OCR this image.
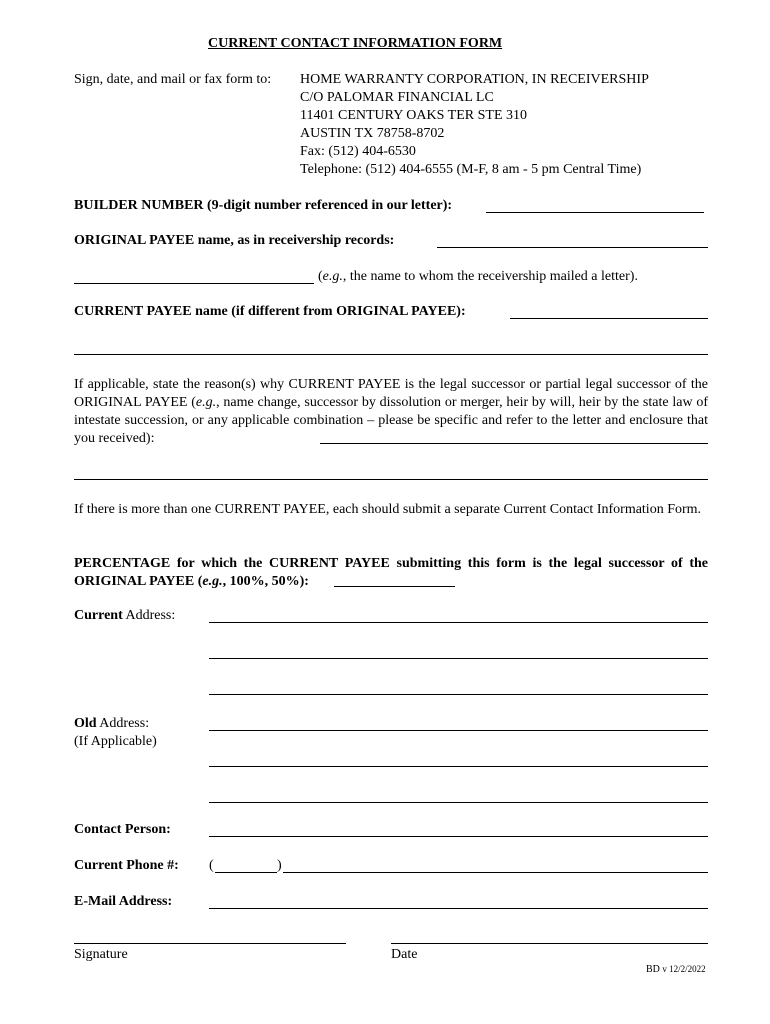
CURRENT CONTACT INFORMATION FORM
Sign, date, and mail or fax form to: HOME WARRANTY CORPORATION, IN RECEIVERSHIP
C/O PALOMAR FINANCIAL LC
11401 CENTURY OAKS TER STE 310
AUSTIN TX 78758-8702
Fax: (512) 404-6530
Telephone: (512) 404-6555 (M-F, 8 am - 5 pm Central Time)
BUILDER NUMBER (9-digit number referenced in our letter):
ORIGINAL PAYEE name, as in receivership records:
(e.g., the name to whom the receivership mailed a letter).
CURRENT PAYEE name (if different from ORIGINAL PAYEE):
If applicable, state the reason(s) why CURRENT PAYEE is the legal successor or partial legal successor of the ORIGINAL PAYEE (e.g., name change, successor by dissolution or merger, heir by will, heir by the state law of intestate succession, or any applicable combination – please be specific and refer to the letter and enclosure that you received):
If there is more than one CURRENT PAYEE, each should submit a separate Current Contact Information Form.
PERCENTAGE for which the CURRENT PAYEE submitting this form is the legal successor of the ORIGINAL PAYEE (e.g., 100%, 50%):
Current Address:
Old Address:
(If Applicable)
Contact Person:
Current Phone #: (	)
E-Mail Address:
Signature	Date
BD v 12/2/2022
